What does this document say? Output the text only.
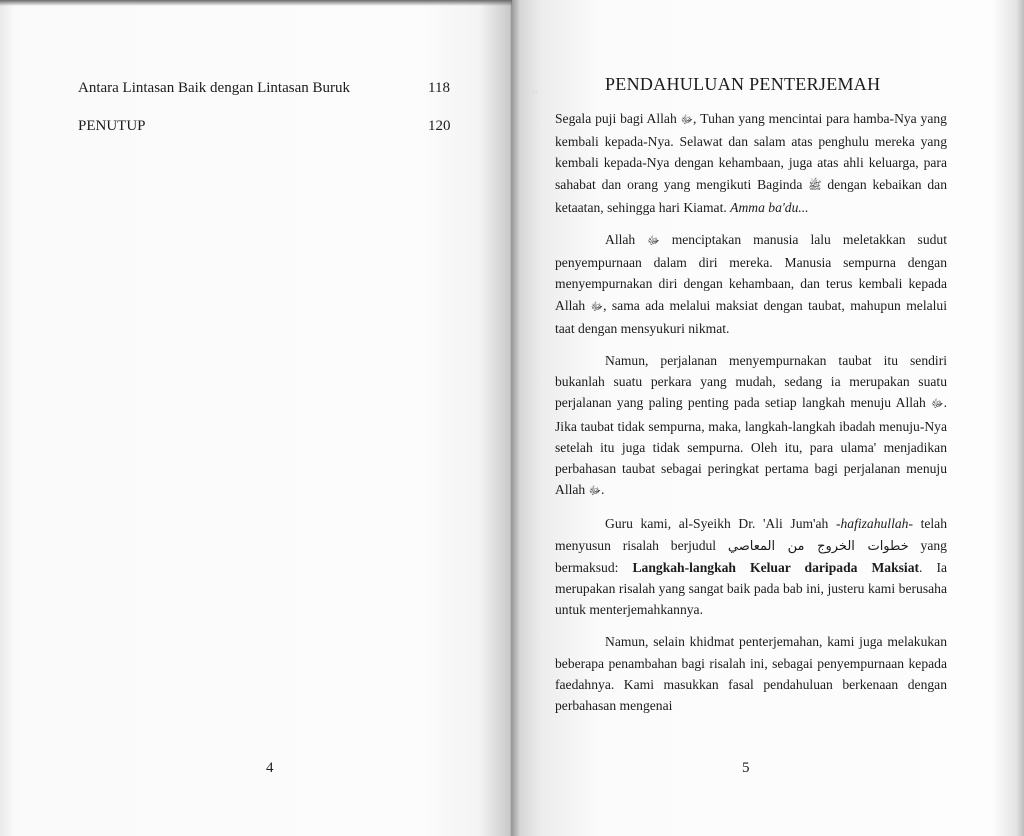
Antara Lintasan Baik dengan Lintasan Buruk	118
PENUTUP	120
4
..	PENDAHULUAN PENTERJEMAH

Segala puji bagi Allah ﷻ, Tuhan yang mencintai para hamba-Nya yang kembali kepada-Nya. Selawat dan salam atas penghulu mereka yang kembali kepada-Nya dengan kehambaan, juga atas ahli keluarga, para sahabat dan orang yang mengikuti Baginda ﷺ dengan kebaikan dan ketaatan, sehingga hari Kiamat. Amma ba'du...

Allah ﷻ menciptakan manusia lalu meletakkan sudut penyempurnaan dalam diri mereka. Manusia sempurna dengan menyempurnakan diri dengan kehambaan, dan terus kembali kepada Allah ﷻ, sama ada melalui maksiat dengan taubat, mahupun melalui taat dengan mensyukuri nikmat.

Namun, perjalanan menyempurnakan taubat itu sendiri bukanlah suatu perkara yang mudah, sedang ia merupakan suatu perjalanan yang paling penting pada setiap langkah menuju Allah ﷻ. Jika taubat tidak sempurna, maka, langkah-langkah ibadah menuju-Nya setelah itu juga tidak sempurna. Oleh itu, para ulama' menjadikan perbahasan taubat sebagai peringkat pertama bagi perjalanan menuju Allah ﷻ.

Guru kami, al-Syeikh Dr. 'Ali Jum'ah -hafizahullah- telah menyusun risalah berjudul خطوات الخروج من المعاصي yang bermaksud: Langkah-langkah Keluar daripada Maksiat. Ia merupakan risalah yang sangat baik pada bab ini, justeru kami berusaha untuk menterjemahkannya.

Namun, selain khidmat penterjemahan, kami juga melakukan beberapa penambahan bagi risalah ini, sebagai penyempurnaan kepada faedahnya. Kami masukkan fasal pendahuluan berkenaan dengan perbahasan mengenai

5
